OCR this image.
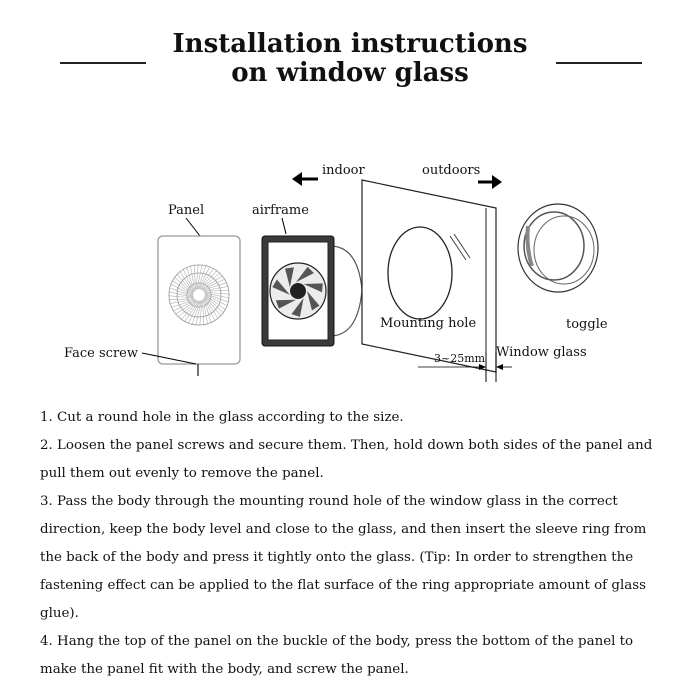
Installation instructions
on window glass
indoor	outdoors
Panel
Face screw
airframe
Mounting hole
3~25mm Window glass
toggle

1. Cut a round hole in the glass according to the size.

2. Loosen the panel screws and secure them. Then, hold down both sides of the panel and pull them out evenly to remove the panel.

3. Pass the body through the mounting round hole of the window glass in the correct direction, keep the body level and close to the glass, and then insert the sleeve ring from the back of the body and press it tightly onto the glass. (Tip: In order to strengthen the fastening effect can be applied to the flat surface of the ring appropriate amount of glass glue).

4. Hang the top of the panel on the buckle of the body, press the bottom of the panel to make the panel fit with the body, and screw the panel.
